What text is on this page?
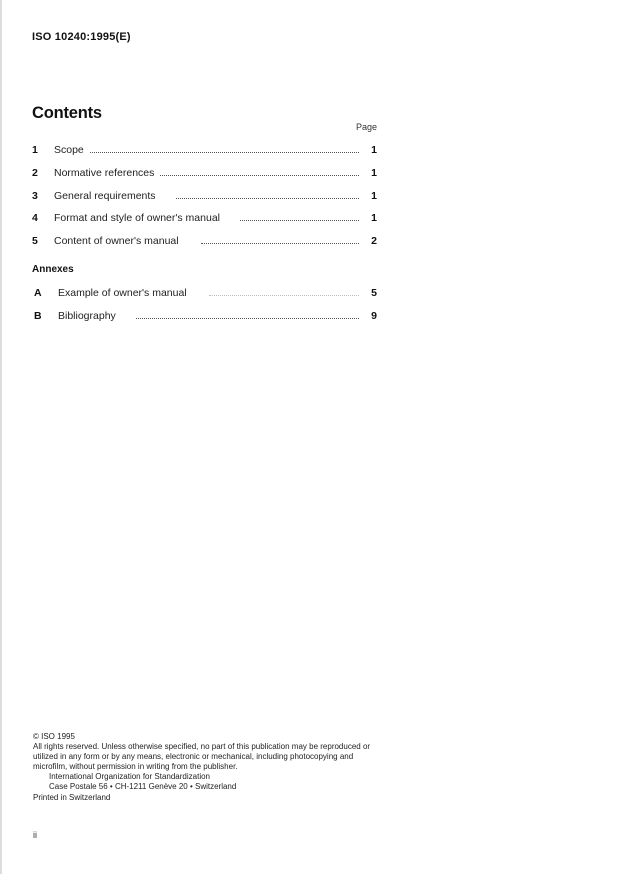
ISO 10240:1995(E)
Contents
Page
1	Scope	1
2	Normative references	1
3	General requirements	1
4	Format and style of owner's manual	1
5	Content of owner's manual	2
Annexes
A	Example of owner's manual	5
B	Bibliography	9
© ISO 1995
All rights reserved. Unless otherwise specified, no part of this publication may be reproduced or utilized in any form or by any means, electronic or mechanical, including photocopying and microfilm, without permission in writing from the publisher.
International Organization for Standardization
Case Postale 56 • CH-1211 Genève 20 • Switzerland
Printed in Switzerland
ii
